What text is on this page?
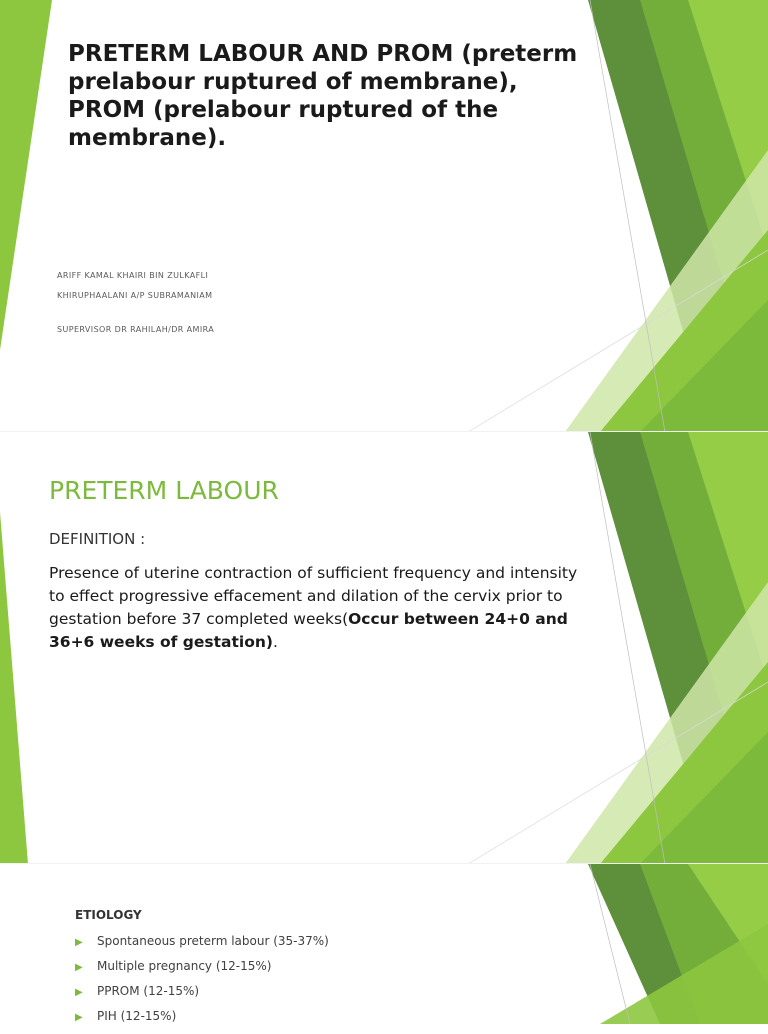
PRETERM LABOUR AND PROM (preterm prelabour ruptured of membrane), PROM (prelabour ruptured of the membrane).

ARIFF KAMAL KHAIRI BIN ZULKAFLI

KHIRUPHAALANI A/P SUBRAMANIAM

SUPERVISOR DR RAHILAH/DR AMIRA

PRETERM LABOUR

DEFINITION :

Presence of uterine contraction of sufficient frequency and intensity to effect progressive effacement and dilation of the cervix prior to gestation before 37 completed weeks(Occur between 24+0 and 36+6 weeks of gestation).

ETIOLOGY

▶ Spontaneous preterm labour (35-37%)
▶ Multiple pregnancy (12-15%)
▶ PPROM (12-15%)
▶ PIH (12-15%)
